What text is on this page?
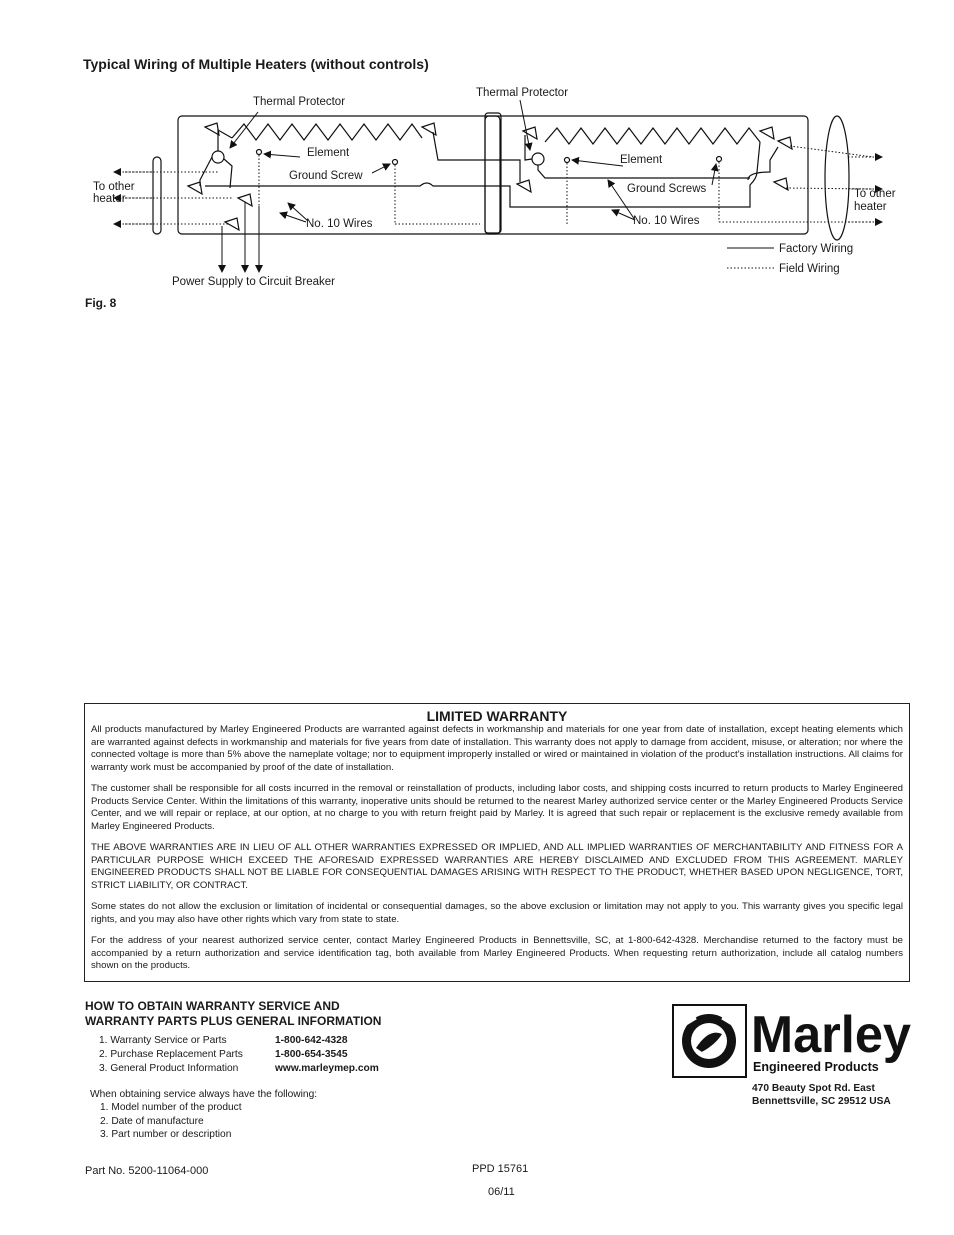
Typical Wiring of Multiple Heaters (without controls)
Thermal Protector
Thermal Protector
Element
Element
Ground Screw
Ground Screws
No. 10 Wires	No. 10 Wires
To other
heater	To other
heater
Power Supply to Circuit Breaker
Factory Wiring
Field Wiring
Fig. 8
LIMITED WARRANTY

All products manufactured by Marley Engineered Products are warranted against defects in workmanship and materials for one year from date of installation, except heating elements which are warranted against defects in workmanship and materials for five years from date of installation. This warranty does not apply to damage from accident, misuse, or alteration; nor where the connected voltage is more than 5% above the nameplate voltage; nor to equipment improperly installed or wired or maintained in violation of the product's installation instructions. All claims for warranty work must be accompanied by proof of the date of installation.

The customer shall be responsible for all costs incurred in the removal or reinstallation of products, including labor costs, and shipping costs incurred to return products to Marley Engineered Products Service Center. Within the limitations of this warranty, inoperative units should be returned to the nearest Marley authorized service center or the Marley Engineered Products Service Center, and we will repair or replace, at our option, at no charge to you with return freight paid by Marley. It is agreed that such repair or replacement is the exclusive remedy available from Marley Engineered Products.

THE ABOVE WARRANTIES ARE IN LIEU OF ALL OTHER WARRANTIES EXPRESSED OR IMPLIED, AND ALL IMPLIED WARRANTIES OF MERCHANTABILITY AND FITNESS FOR A PARTICULAR PURPOSE WHICH EXCEED THE AFORESAID EXPRESSED WARRANTIES ARE HEREBY DISCLAIMED AND EXCLUDED FROM THIS AGREEMENT. MARLEY ENGINEERED PRODUCTS SHALL NOT BE LIABLE FOR CONSEQUENTIAL DAMAGES ARISING WITH RESPECT TO THE PRODUCT, WHETHER BASED UPON NEGLIGENCE, TORT, STRICT LIABILITY, OR CONTRACT.

Some states do not allow the exclusion or limitation of incidental or consequential damages, so the above exclusion or limitation may not apply to you. This warranty gives you specific legal rights, and you may also have other rights which vary from state to state.

For the address of your nearest authorized service center, contact Marley Engineered Products in Bennettsville, SC, at 1-800-642-4328. Merchandise returned to the factory must be accompanied by a return authorization and service identification tag, both available from Marley Engineered Products. When requesting return authorization, include all catalog numbers shown on the products.

HOW TO OBTAIN WARRANTY SERVICE AND
WARRANTY PARTS PLUS GENERAL INFORMATION
1. Warranty Service or Parts	1-800-642-4328
2. Purchase Replacement Parts	1-800-654-3545
3. General Product Information	www.marleymep.com
When obtaining service always have the following:
1. Model number of the product
2. Date of manufacture
3. Part number or description
Marley
Engineered Products
470 Beauty Spot Rd. East
Bennettsville, SC 29512 USA
Part No. 5200-11064-000	PPD 15761
06/11
